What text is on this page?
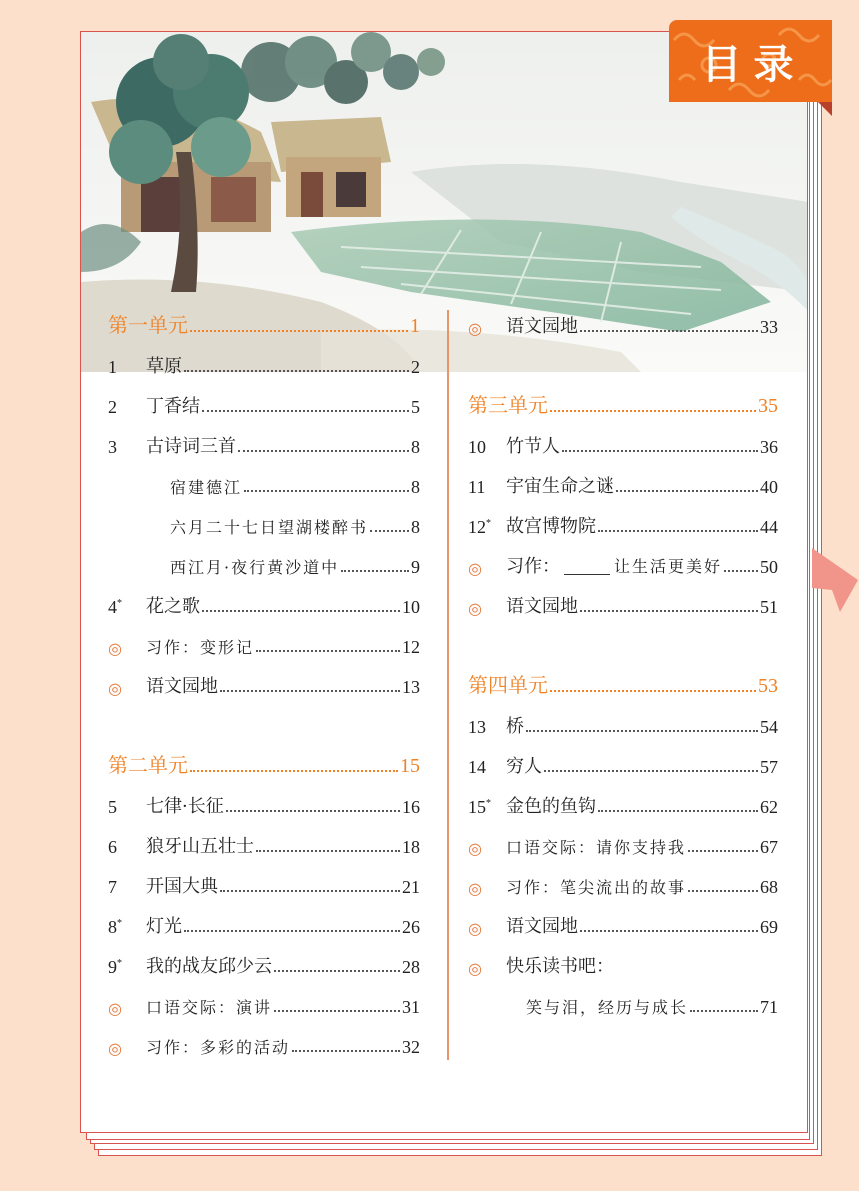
目录
第一单元	1
1	草原	2
2	丁香结	5
3	古诗词三首	8
宿建德江	8
六月二十七日望湖楼醉书 8
西江月·夜行黄沙道中	9
4*	花之歌	10
◎	习作：变形记	12
◎	语文园地	13
第二单元	15
5	七律·长征	16
6	狼牙山五壮士	18
7	开国大典	21
8*	灯光	26
9*	我的战友邱少云	28
◎	口语交际：演讲	31
◎	习作：多彩的活动	32
◎	语文园地	33
第三单元	35
10	竹节人	36
11	宇宙生命之谜	40
12* 故宫博物院	44
◎	习作：	让生活更美好 50
◎	语文园地	51
第四单元	53
13	桥	54
14	穷人	57
15* 金色的鱼钩	62
◎	口语交际：请你支持我	67
◎	习作：笔尖流出的故事	68
◎	语文园地	69
◎	快乐读书吧：
笑与泪，经历与成长	71
